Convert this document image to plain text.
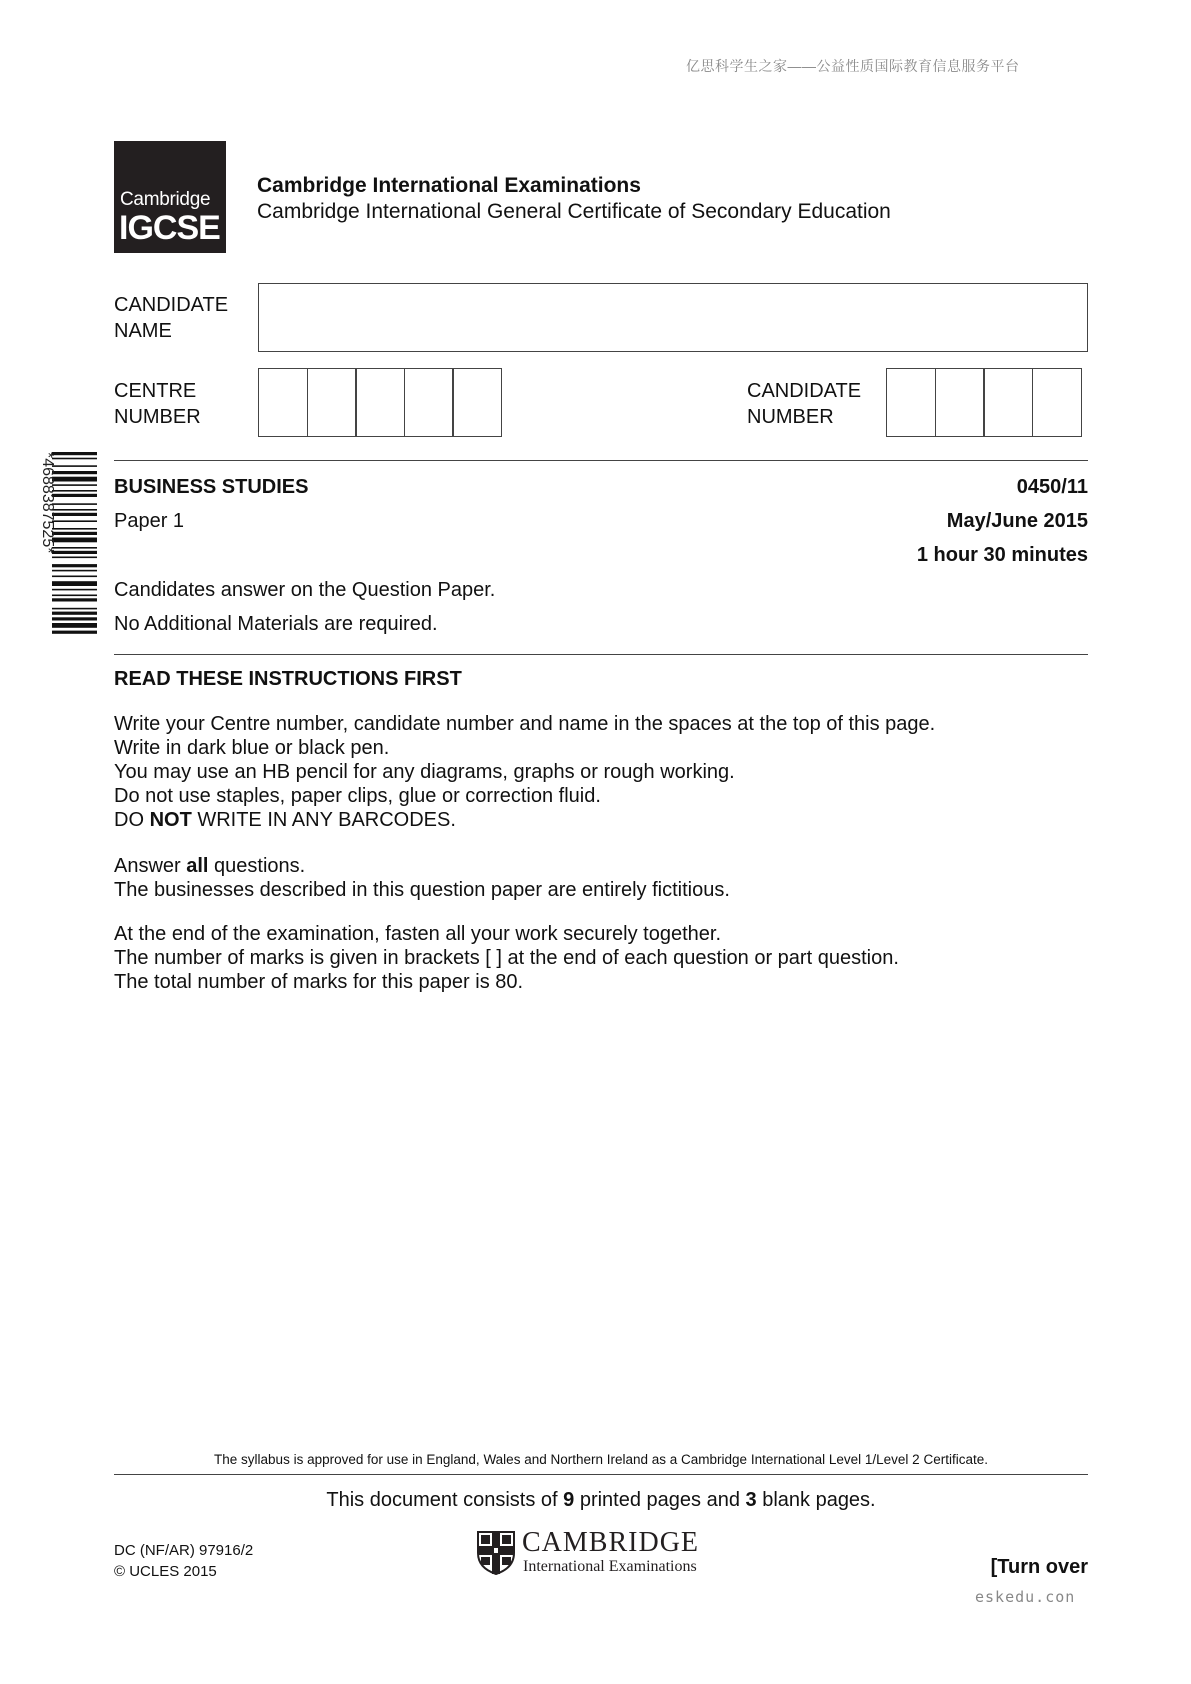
亿思科学生之家——公益性质国际教育信息服务平台
Cambridge
IGCSE
Cambridge International Examinations
Cambridge International General Certificate of Secondary Education
CANDIDATE
NAME
CENTRE
NUMBER
CANDIDATE
NUMBER
*4688387525*	BUSINESS STUDIES	0450/11
Paper 1	May/June 2015
1 hour 30 minutes
Candidates answer on the Question Paper.
No Additional Materials are required.
READ THESE INSTRUCTIONS FIRST
Write your Centre number, candidate number and name in the spaces at the top of this page.
Write in dark blue or black pen.
You may use an HB pencil for any diagrams, graphs or rough working.
Do not use staples, paper clips, glue or correction fluid.
DO NOT WRITE IN ANY BARCODES.
Answer all questions.
The businesses described in this question paper are entirely fictitious.
At the end of the examination, fasten all your work securely together.
The number of marks is given in brackets [ ] at the end of each question or part question.
The total number of marks for this paper is 80.
The syllabus is approved for use in England, Wales and Northern Ireland as a Cambridge International Level 1/Level 2 Certificate.
This document consists of 9 printed pages and 3 blank pages.
DC (NF/AR) 97916/2
© UCLES 2015
CAMBRIDGE
International Examinations	[Turn over
eskedu.con
